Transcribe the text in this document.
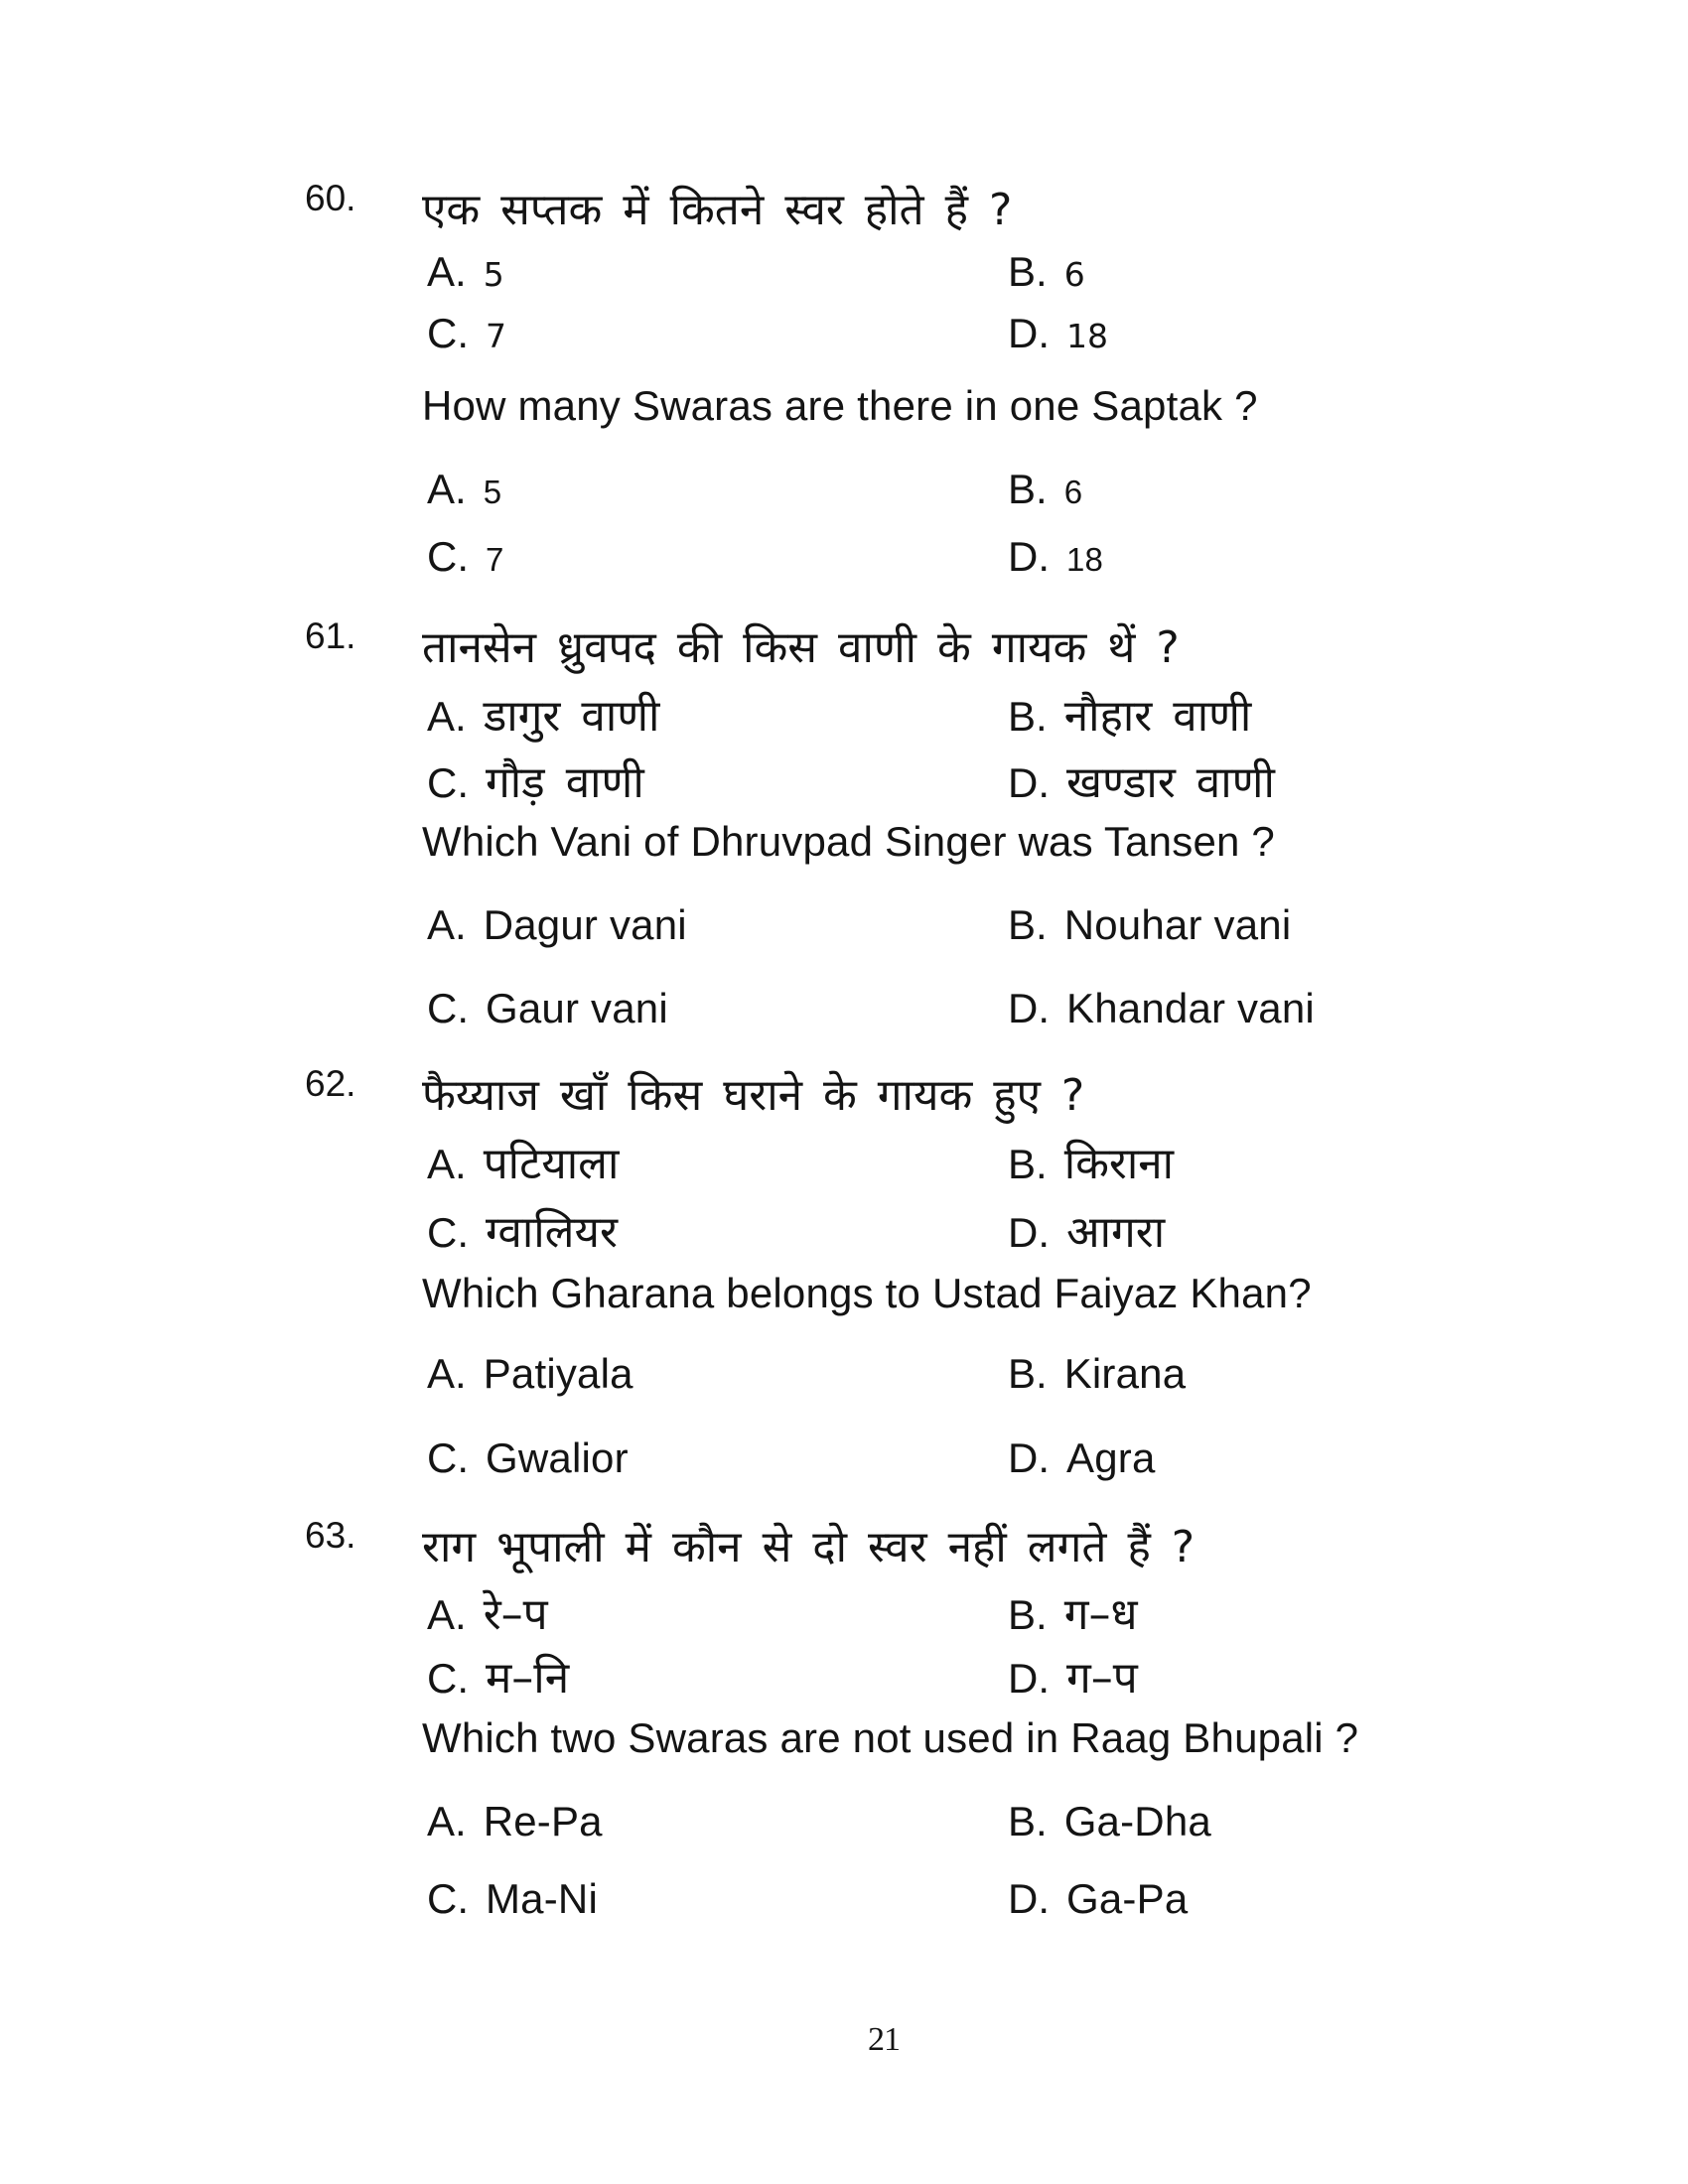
60. एक सप्तक में कितने स्वर होते हैं ?
A. 5	B. 6
C. 7	D. 18
How many Swaras are there in one Saptak ?
A. 5	B. 6
C. 7	D. 18
61. तानसेन ध्रुवपद की किस वाणी के गायक थें ?
A. डागुर वाणी	B. नौहार वाणी
C. गौड़ वाणी	D. खण्डार वाणी
Which Vani of Dhruvpad Singer was Tansen ?
A. Dagur vani	B. Nouhar vani
C. Gaur vani	D. Khandar vani
62. फैय्याज खाँ किस घराने के गायक हुए ?
A. पटियाला	B. किराना
C. ग्वालियर	D. आगरा
Which Gharana belongs to Ustad Faiyaz Khan?
A. Patiyala	B. Kirana
C. Gwalior	D. Agra
63. राग भूपाली में कौन से दो स्वर नहीं लगते हैं ?
A. रे–प	B. ग–ध
C. म–नि	D. ग–प
Which two Swaras are not used in Raag Bhupali ?
A. Re-Pa	B. Ga-Dha
C. Ma-Ni	D. Ga-Pa
21
